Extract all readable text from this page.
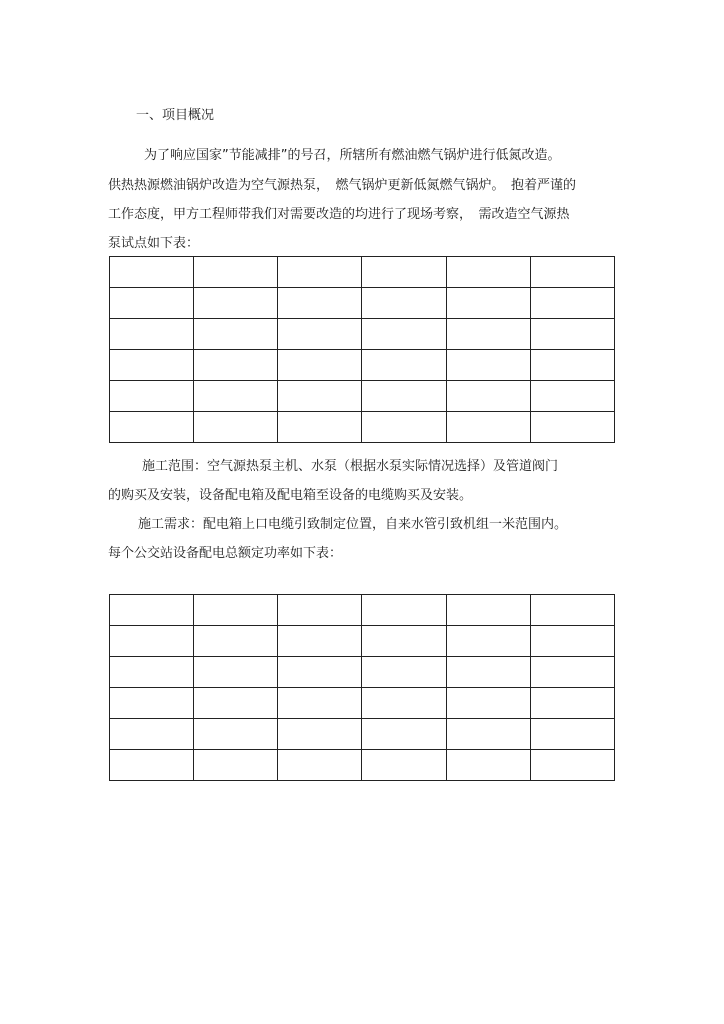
一、项目概况
为了响应国家”节能减排”的号召，所辖所有燃油燃气锅炉进行低氮改造。
供热热源燃油锅炉改造为空气源热泵，　燃气锅炉更新低氮燃气锅炉。　抱着严谨的
工作态度，甲方工程师带我们对需要改造的均进行了现场考察，　需改造空气源热
泵试点如下表：

施工范围：空气源热泵主机、水泵（根据水泵实际情况选择）及管道阀门
的购买及安装，设备配电箱及配电箱至设备的电缆购买及安装。
施工需求：配电箱上口电缆引致制定位置，自来水管引致机组一米范围内。
每个公交站设备配电总额定功率如下表：
